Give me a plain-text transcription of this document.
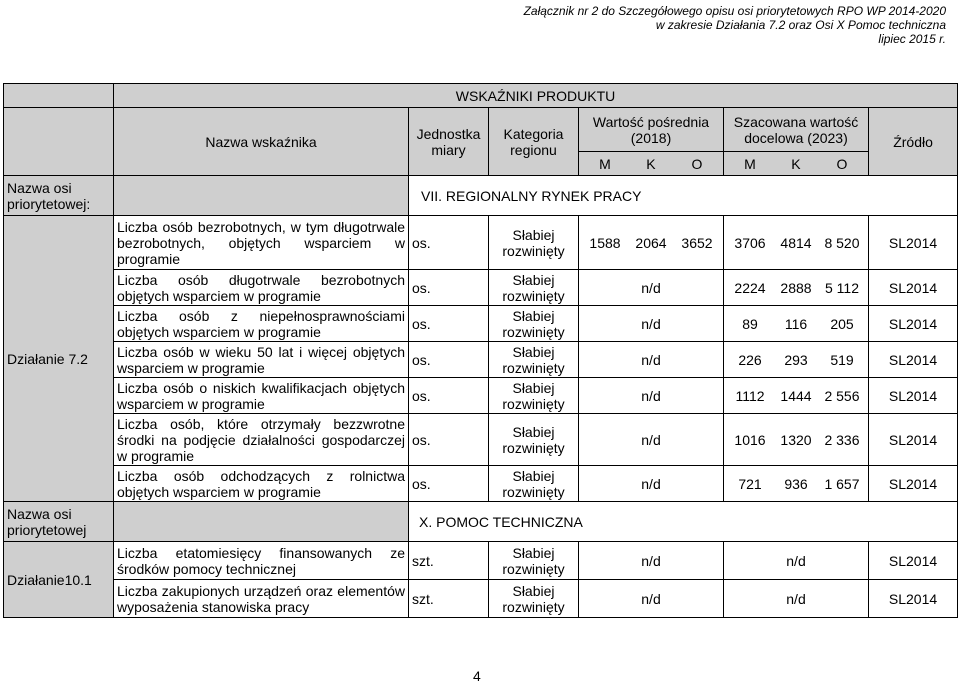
Załącznik nr 2 do Szczegółowego opisu osi priorytetowych RPO WP 2014-2020
w zakresie Działania 7.2 oraz Osi X Pomoc techniczna
lipiec 2015 r.
	WSKAŹNIKI PRODUKTU					
	Nazwa wskaźnika	Jednostka miary	Kategoria regionu	Wartość pośrednia (2018)	Szacowana wartość docelowa (2023)	Źródło
				M K O	M K O	
Nazwa osi priorytetowej:		VII. REGIONALNY RYNEK PRACY				
Działanie 7.2	Liczba osób bezrobotnych, w tym długotrwale bezrobotnych, objętych wsparciem w programie	os.	Słabiej rozwinięty	1588 2064 3652	3706 4814 8 520	SL2014
	Liczba osób długotrwale bezrobotnych objętych wsparciem w programie	os.	Słabiej rozwinięty	n/d	2224 2888 5 112	SL2014
	Liczba osób z niepełnosprawnościami objętych wsparciem w programie	os.	Słabiej rozwinięty	n/d	89 116 205	SL2014
	Liczba osób w wieku 50 lat i więcej objętych wsparciem w programie	os.	Słabiej rozwinięty	n/d	226 293 519	SL2014
	Liczba osób o niskich kwalifikacjach objętych wsparciem w programie	os.	Słabiej rozwinięty	n/d	1112 1444 2 556	SL2014
	Liczba osób, które otrzymały bezzwrotne środki na podjęcie działalności gospodarczej w programie	os.	Słabiej rozwinięty	n/d	1016 1320 2 336	SL2014
	Liczba osób odchodzących z rolnictwa objętych wsparciem w programie	os.	Słabiej rozwinięty	n/d	721 936 1 657	SL2014
Nazwa osi priorytetowej		X. POMOC TECHNICZNA				
Działanie10.1	Liczba etatomiesięcy finansowanych ze środków pomocy technicznej	szt.	Słabiej rozwinięty	n/d	n/d	SL2014
	Liczba zakupionych urządzeń oraz elementów wyposażenia stanowiska pracy	szt.	Słabiej rozwinięty	n/d	n/d	SL2014
4
